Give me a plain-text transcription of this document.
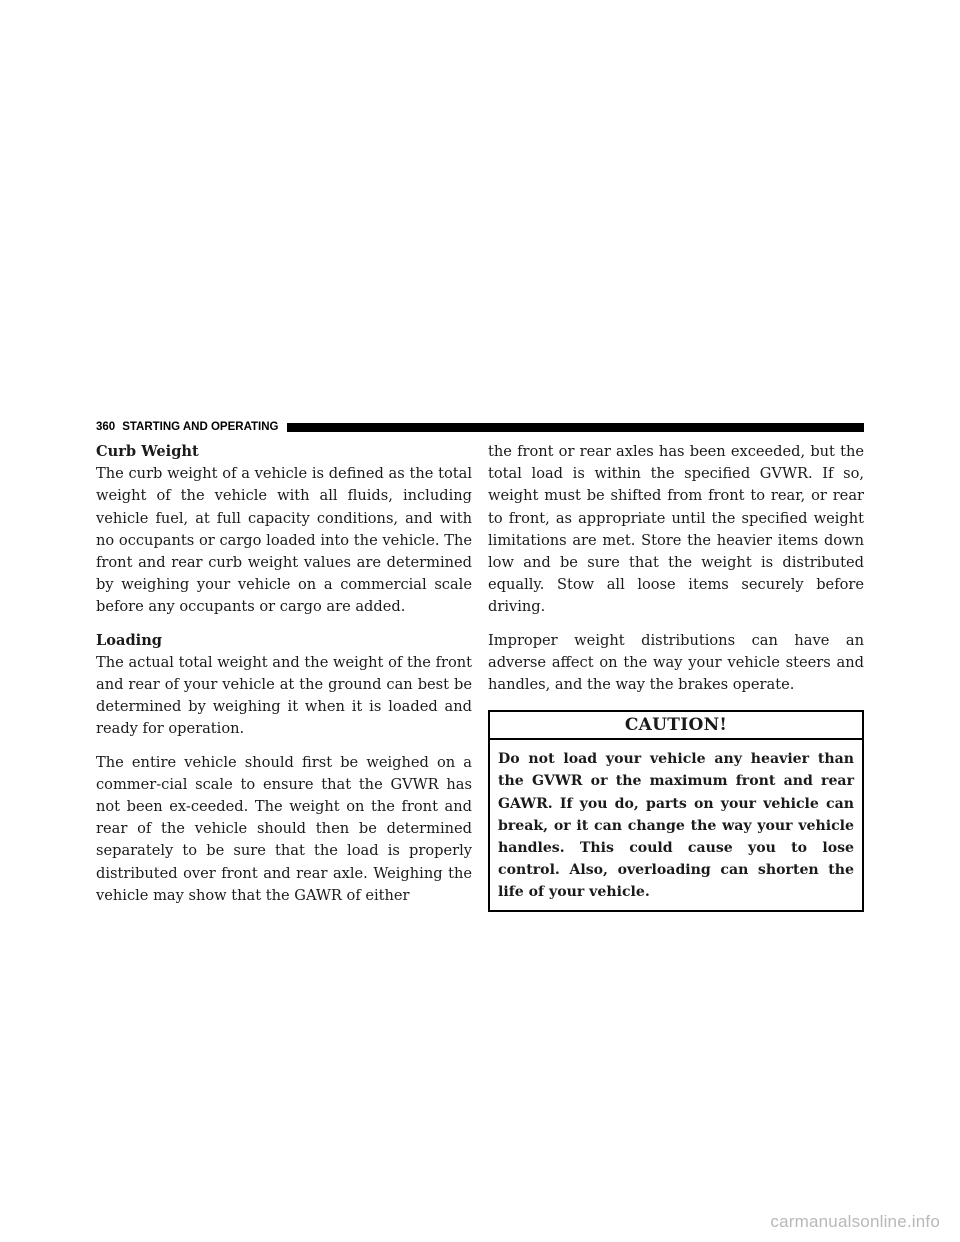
360 STARTING AND OPERATING
Curb Weight

The curb weight of a vehicle is defined as the total weight of the vehicle with all fluids, including vehicle fuel, at full capacity conditions, and with no occupants or cargo loaded into the vehicle. The front and rear curb weight values are determined by weighing your vehicle on a commercial scale before any occupants or cargo are added.

Loading

The actual total weight and the weight of the front and rear of your vehicle at the ground can best be determined by weighing it when it is loaded and ready for operation.

The entire vehicle should first be weighed on a commer-cial scale to ensure that the GVWR has not been ex-ceeded. The weight on the front and rear of the vehicle should then be determined separately to be sure that the load is properly distributed over front and rear axle. Weighing the vehicle may show that the GAWR of either

the front or rear axles has been exceeded, but the total load is within the specified GVWR. If so, weight must be shifted from front to rear, or rear to front, as appropriate until the specified weight limitations are met. Store the heavier items down low and be sure that the weight is distributed equally. Stow all loose items securely before driving.

Improper weight distributions can have an adverse affect on the way your vehicle steers and handles, and the way the brakes operate.

CAUTION!
Do not load your vehicle any heavier than the GVWR or the maximum front and rear GAWR. If you do, parts on your vehicle can break, or it can change the way your vehicle handles. This could cause you to lose control. Also, overloading can shorten the life of your vehicle.
carmanualsonline.info
